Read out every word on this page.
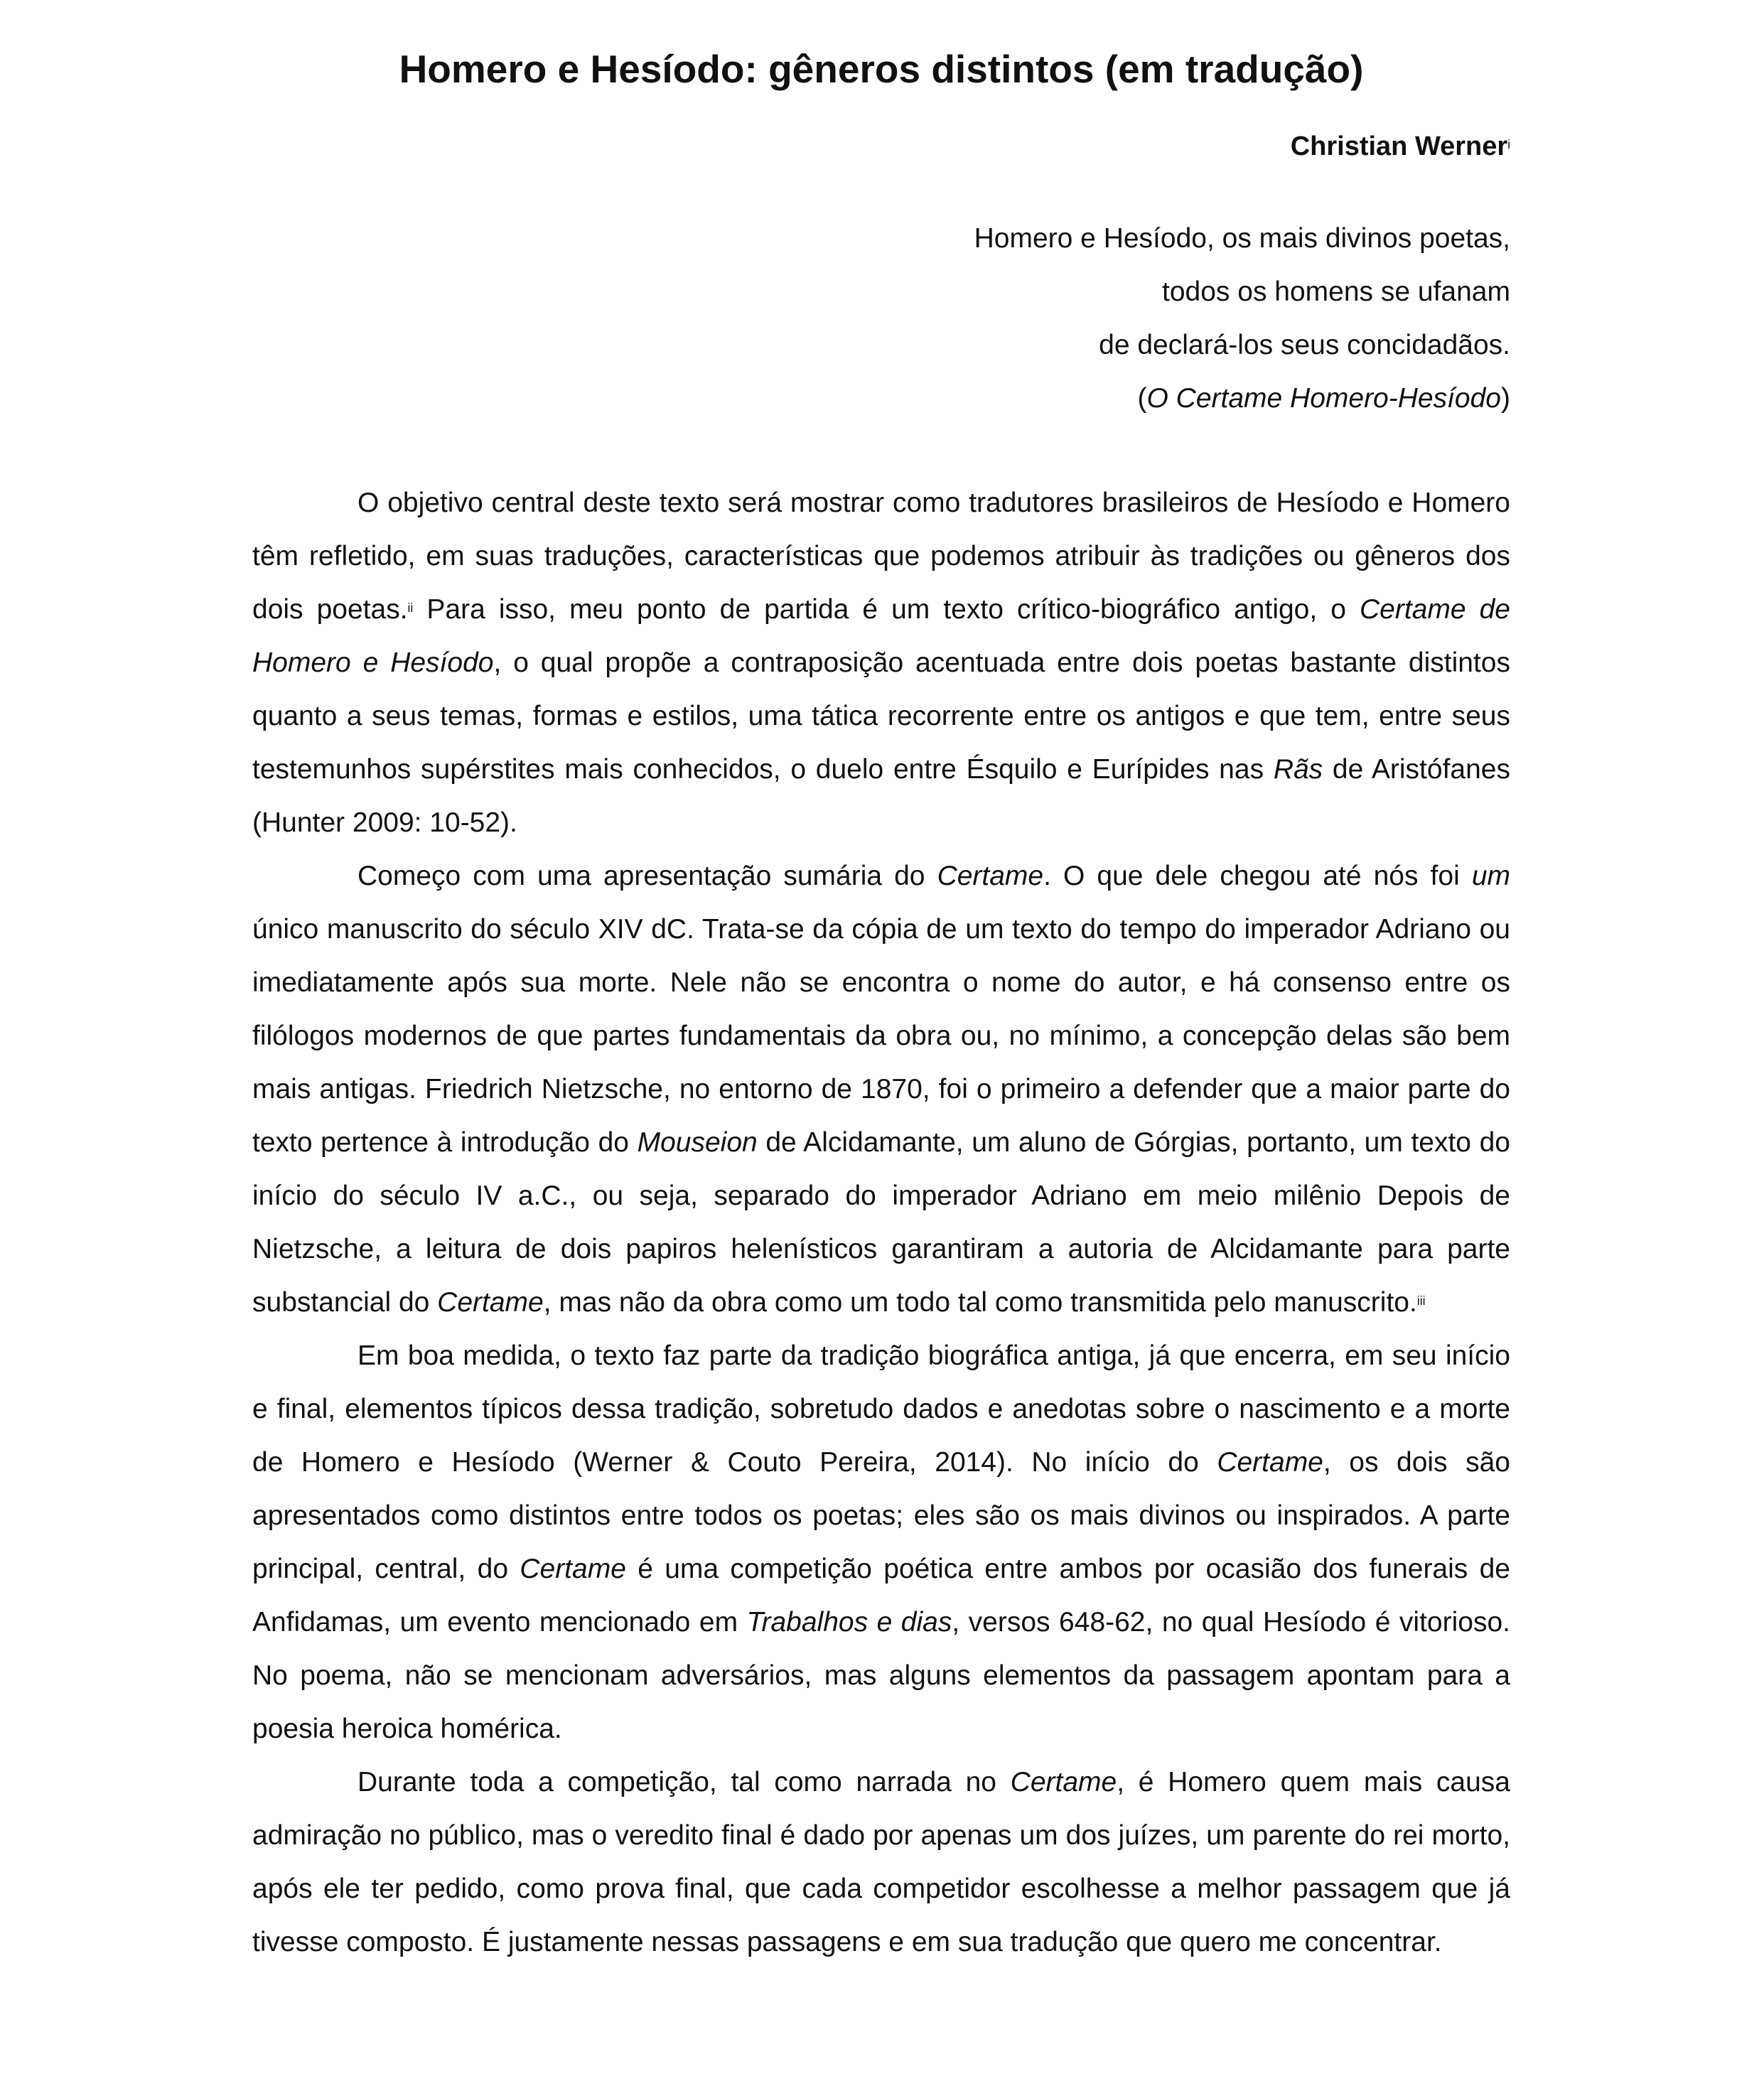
Homero e Hesíodo: gêneros distintos (em tradução)
Christian Werner$^i$
Homero e Hesíodo, os mais divinos poetas,
todos os homens se ufanam
de declará-los seus concidadãos.
(O Certame Homero-Hesíodo)

O objetivo central deste texto será mostrar como tradutores brasileiros de Hesíodo e Homero têm refletido, em suas traduções, características que podemos atribuir às tradições ou gêneros dos dois poetas.$^{ii}$ Para isso, meu ponto de partida é um texto crítico-biográfico antigo, o Certame de Homero e Hesíodo, o qual propõe a contraposição acentuada entre dois poetas bastante distintos quanto a seus temas, formas e estilos, uma tática recorrente entre os antigos e que tem, entre seus testemunhos supérstites mais conhecidos, o duelo entre Ésquilo e Eurípides nas Rãs de Aristófanes (Hunter 2009: 10-52).

Começo com uma apresentação sumária do Certame. O que dele chegou até nós foi um único manuscrito do século XIV dC. Trata-se da cópia de um texto do tempo do imperador Adriano ou imediatamente após sua morte. Nele não se encontra o nome do autor, e há consenso entre os filólogos modernos de que partes fundamentais da obra ou, no mínimo, a concepção delas são bem mais antigas. Friedrich Nietzsche, no entorno de 1870, foi o primeiro a defender que a maior parte do texto pertence à introdução do Mouseion de Alcidamante, um aluno de Górgias, portanto, um texto do início do século IV a.C., ou seja, separado do imperador Adriano em meio milênio Depois de Nietzsche, a leitura de dois papiros helenísticos garantiram a autoria de Alcidamante para parte substancial do Certame, mas não da obra como um todo tal como transmitida pelo manuscrito.$^{iii}$

Em boa medida, o texto faz parte da tradição biográfica antiga, já que encerra, em seu início e final, elementos típicos dessa tradição, sobretudo dados e anedotas sobre o nascimento e a morte de Homero e Hesíodo (Werner & Couto Pereira, 2014). No início do Certame, os dois são apresentados como distintos entre todos os poetas; eles são os mais divinos ou inspirados. A parte principal, central, do Certame é uma competição poética entre ambos por ocasião dos funerais de Anfidamas, um evento mencionado em Trabalhos e dias, versos 648-62, no qual Hesíodo é vitorioso. No poema, não se mencionam adversários, mas alguns elementos da passagem apontam para a poesia heroica homérica.

Durante toda a competição, tal como narrada no Certame, é Homero quem mais causa admiração no público, mas o veredito final é dado por apenas um dos juízes, um parente do rei morto, após ele ter pedido, como prova final, que cada competidor escolhesse a melhor passagem que já tivesse composto. É justamente nessas passagens e em sua tradução que quero me concentrar.
